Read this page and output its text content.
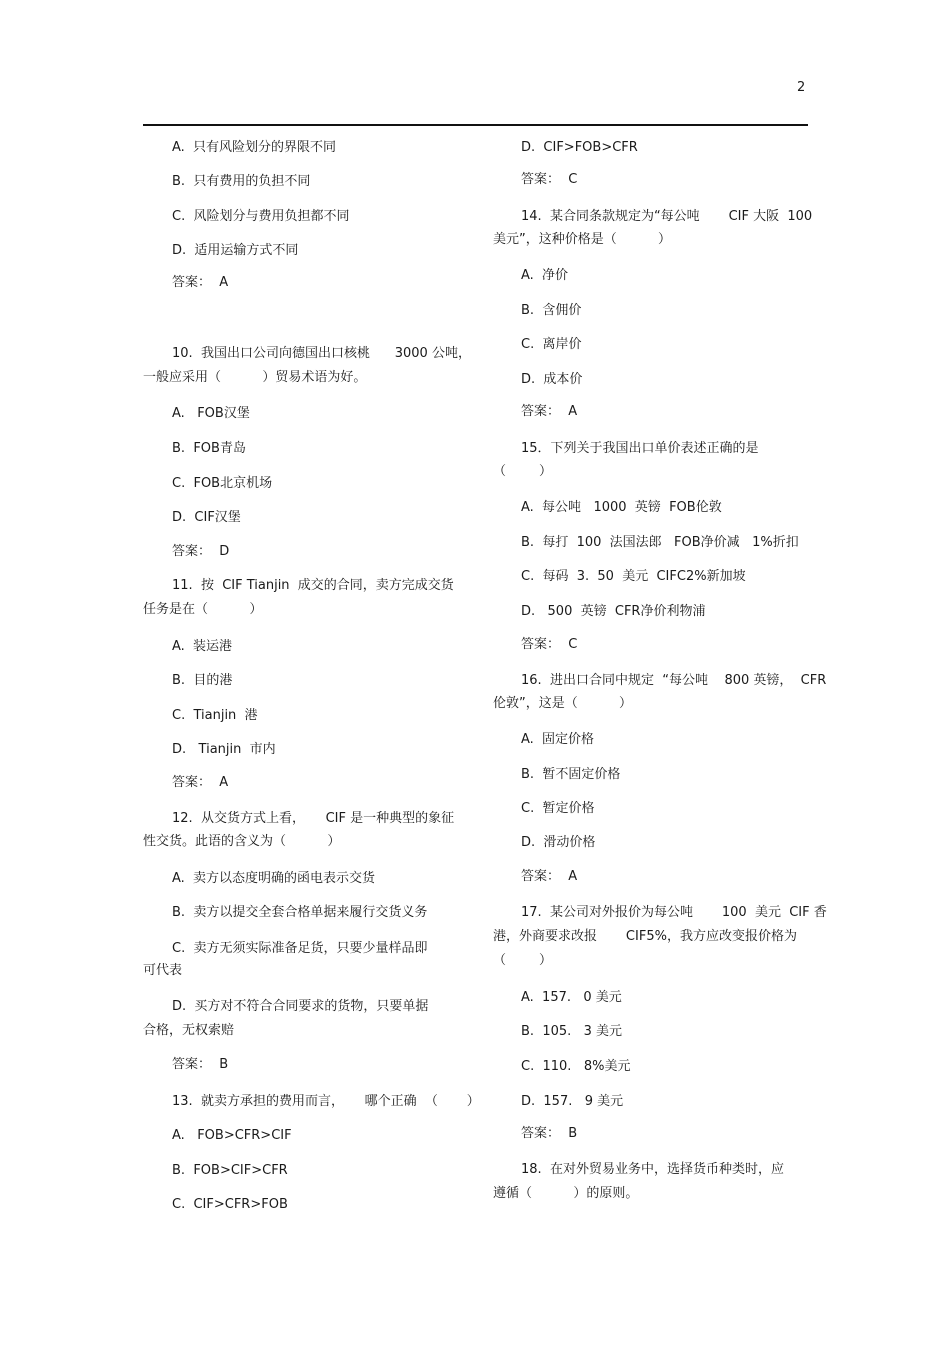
2
A.  只有风险划分的界限不同
B.  只有费用的负担不同
C.  风险划分与费用负担都不同
D.  适用运输方式不同
答案：  A
10.  我国出口公司向德国出口核桃      3000 公吨，
一般应采用（          ）贸易术语为好。
A.   FOB汉堡
B.  FOB青岛
C.  FOB北京机场
D.  CIF汉堡
答案：  D
11.  按  CIF Tianjin  成交的合同，卖方完成交货
任务是在（          ）
A.  装运港
B.  目的港
C.  Tianjin  港
D.   Tianjin  市内
答案：  A
12.  从交货方式上看，     CIF 是一种典型的象征
性交货。此语的含义为（          ）
A.  卖方以态度明确的函电表示交货
B.  卖方以提交全套合格单据来履行交货义务
C.  卖方无须实际准备足货，只要少量样品即
可代表
D.  买方对不符合合同要求的货物，只要单据
合格，无权索赔
答案：  B
13.  就卖方承担的费用而言，     哪个正确  （       ）
A.   FOB>CFR>CIF
B.  FOB>CIF>CFR
C.  CIF>CFR>FOB
D.  CIF>FOB>CFR
答案：  C
14.  某合同条款规定为“每公吨       CIF 大阪  100
美元”，这种价格是（          ）
A.  净价
B.  含佣价
C.  离岸价
D.  成本价
答案：  A
15．下列关于我国出口单价表述正确的是
（        ）
A.  每公吨   1000  英镑  FOB伦敦
B.  每打  100  法国法郎   FOB净价减   1%折扣
C.  每码  3.  50  美元  CIFC2%新加坡
D.   500  英镑  CFR净价利物浦
答案：  C
16.  进出口合同中规定  “每公吨    800 英镑，  CFR
伦敦”，这是（          ）
A.  固定价格
B.  暂不固定价格
C.  暂定价格
D.  滑动价格
答案：  A
17.  某公司对外报价为每公吨       100  美元  CIF 香
港，外商要求改报       CIF5%，我方应改变报价格为
（        ）
A.  157.   0 美元
B.  105.   3 美元
C.  110.   8%美元
D.  157.   9 美元
答案：  B
18.  在对外贸易业务中，选择货币种类时，应
遵循（          ）的原则。
